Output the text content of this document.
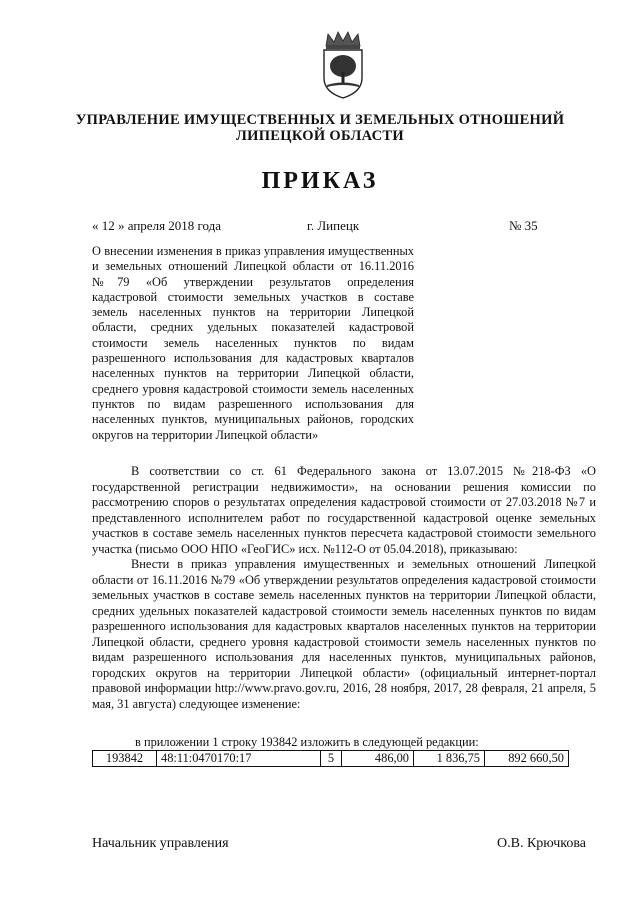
УПРАВЛЕНИЕ ИМУЩЕСТВЕННЫХ И ЗЕМЕЛЬНЫХ ОТНОШЕНИЙ
ЛИПЕЦКОЙ ОБЛАСТИ
ПРИКАЗ
« 12 » апреля 2018 года	г. Липецк	№ 35
О внесении изменения в приказ управления имущественных и земельных отношений Липецкой области от 16.11.2016 №79 «Об утверждении результатов определения кадастровой стоимости земельных участков в составе земель населенных пунктов на территории Липецкой области, средних удельных показателей кадастровой стоимости земель населенных пунктов по видам разрешенного использования для кадастровых кварталов населенных пунктов на территории Липецкой области, среднего уровня кадастровой стоимости земель населенных пунктов по видам разрешенного использования для населенных пунктов, муниципальных районов, городских округов на территории Липецкой области»

В соответствии со ст. 61 Федерального закона от 13.07.2015 №218-ФЗ «О государственной регистрации недвижимости», на основании решения комиссии по рассмотрению споров о результатах определения кадастровой стоимости от 27.03.2018 №7 и представленного исполнителем работ по государственной кадастровой оценке земельных участков в составе земель населенных пунктов пересчета кадастровой стоимости земельного участка (письмо ООО НПО «ГеоГИС» исх. №112-О от 05.04.2018), приказываю:

Внести в приказ управления имущественных и земельных отношений Липецкой области от 16.11.2016 №79 «Об утверждении результатов определения кадастровой стоимости земельных участков в составе земель населенных пунктов на территории Липецкой области, средних удельных показателей кадастровой стоимости земель населенных пунктов по видам разрешенного использования для кадастровых кварталов населенных пунктов на территории Липецкой области, среднего уровня кадастровой стоимости земель населенных пунктов по видам разрешенного использования для населенных пунктов, муниципальных районов, городских округов на территории Липецкой области» (официальный интернет-портал правовой информации http://www.pravo.gov.ru, 2016, 28 ноября, 2017, 28 февраля, 21 апреля, 5 мая, 31 августа) следующее изменение:

в приложении 1 строку 193842 изложить в следующей редакции:
193842	48:11:0470170:17	5	486,00	1 836,75	892 660,50
Начальник управления	О.В. Крючкова
